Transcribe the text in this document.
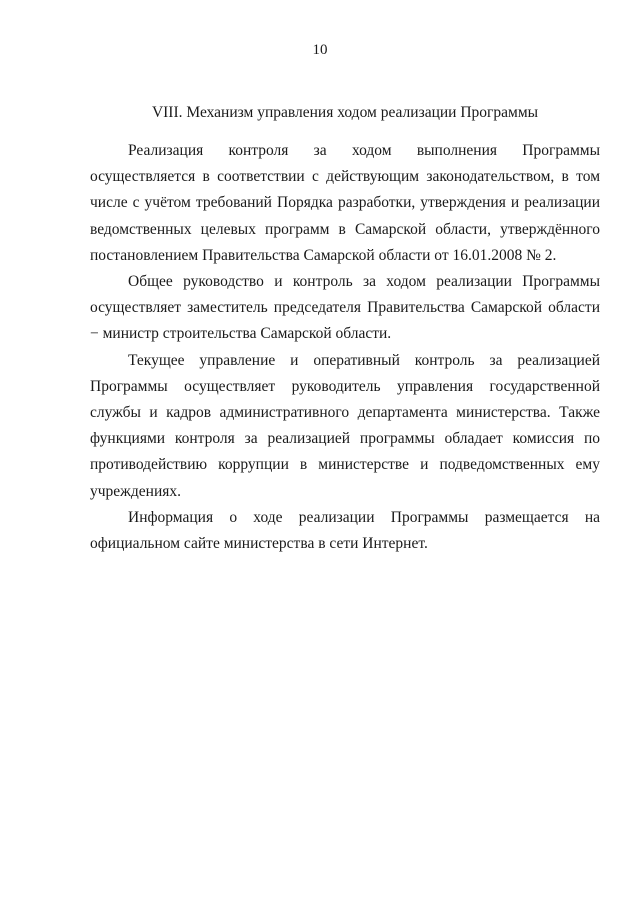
10
VIII. Механизм управления ходом реализации Программы

Реализация контроля за ходом выполнения Программы осуществляется в соответствии с действующим законодательством, в том числе с учётом требований Порядка разработки, утверждения и реализации ведомственных целевых программ в Самарской области, утверждённого постановлением Правительства Самарской области от 16.01.2008 № 2.

Общее руководство и контроль за ходом реализации Программы осуществляет заместитель председателя Правительства Самарской области − министр строительства Самарской области.

Текущее управление и оперативный контроль за реализацией Программы осуществляет руководитель управления государственной службы и кадров административного департамента министерства. Также функциями контроля за реализацией программы обладает комиссия по противодействию коррупции в министерстве и подведомственных ему учреждениях.

Информация о ходе реализации Программы размещается на официальном сайте министерства в сети Интернет.
